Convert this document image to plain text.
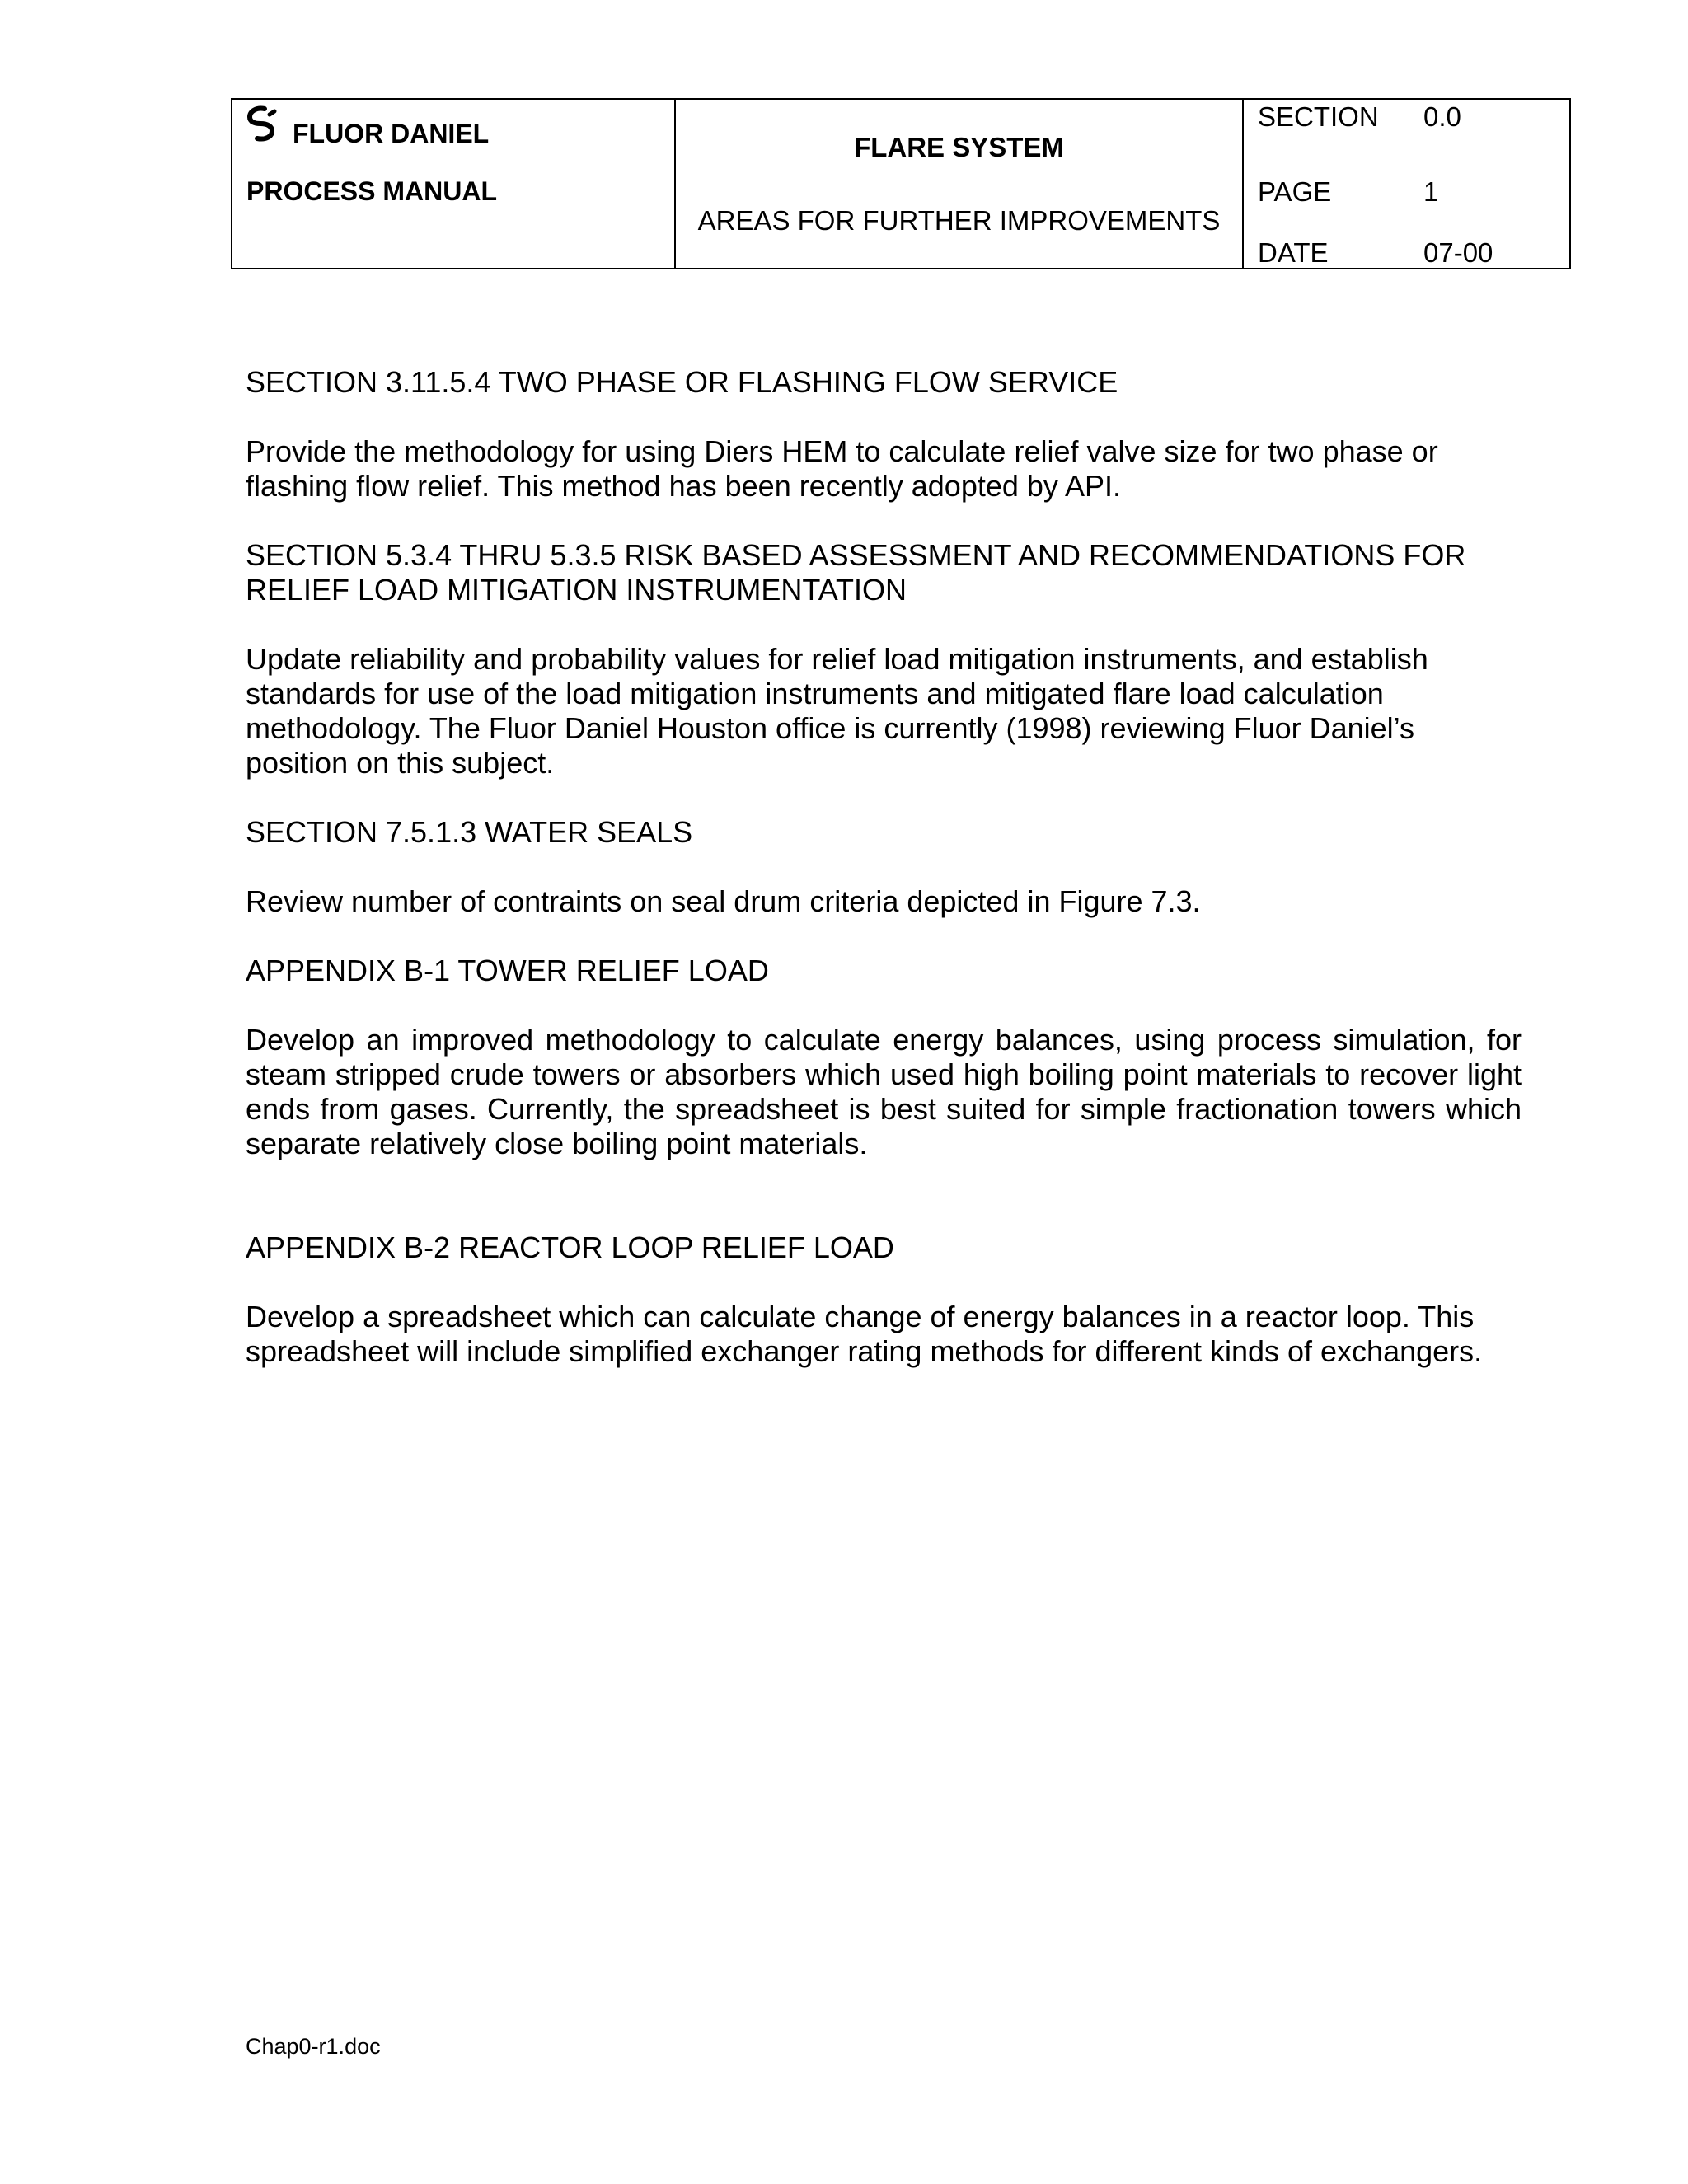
FLUOR DANIEL
PROCESS MANUAL
FLARE SYSTEM
AREAS FOR FURTHER IMPROVEMENTS
SECTION 0.0
PAGE	1
DATE	07-00

SECTION 3.11.5.4 TWO PHASE OR FLASHING FLOW SERVICE

Provide the methodology for using Diers HEM to calculate relief valve size for two phase or flashing flow relief. This method has been recently adopted by API.

SECTION 5.3.4 THRU 5.3.5 RISK BASED ASSESSMENT AND RECOMMENDATIONS FOR RELIEF LOAD MITIGATION INSTRUMENTATION

Update reliability and probability values for relief load mitigation instruments, and establish standards for use of the load mitigation instruments and mitigated flare load calculation methodology. The Fluor Daniel Houston office is currently (1998) reviewing Fluor Daniel’s position on this subject.

SECTION 7.5.1.3 WATER SEALS

Review number of contraints on seal drum criteria depicted in Figure 7.3.

APPENDIX B-1 TOWER RELIEF LOAD

Develop an improved methodology to calculate energy balances, using process simulation, for steam stripped crude towers or absorbers which used high boiling point materials to recover light ends from gases. Currently, the spreadsheet is best suited for simple fractionation towers which separate relatively close boiling point materials.

APPENDIX B-2 REACTOR LOOP RELIEF LOAD

Develop a spreadsheet which can calculate change of energy balances in a reactor loop. This spreadsheet will include simplified exchanger rating methods for different kinds of exchangers.

Chap0-r1.doc
